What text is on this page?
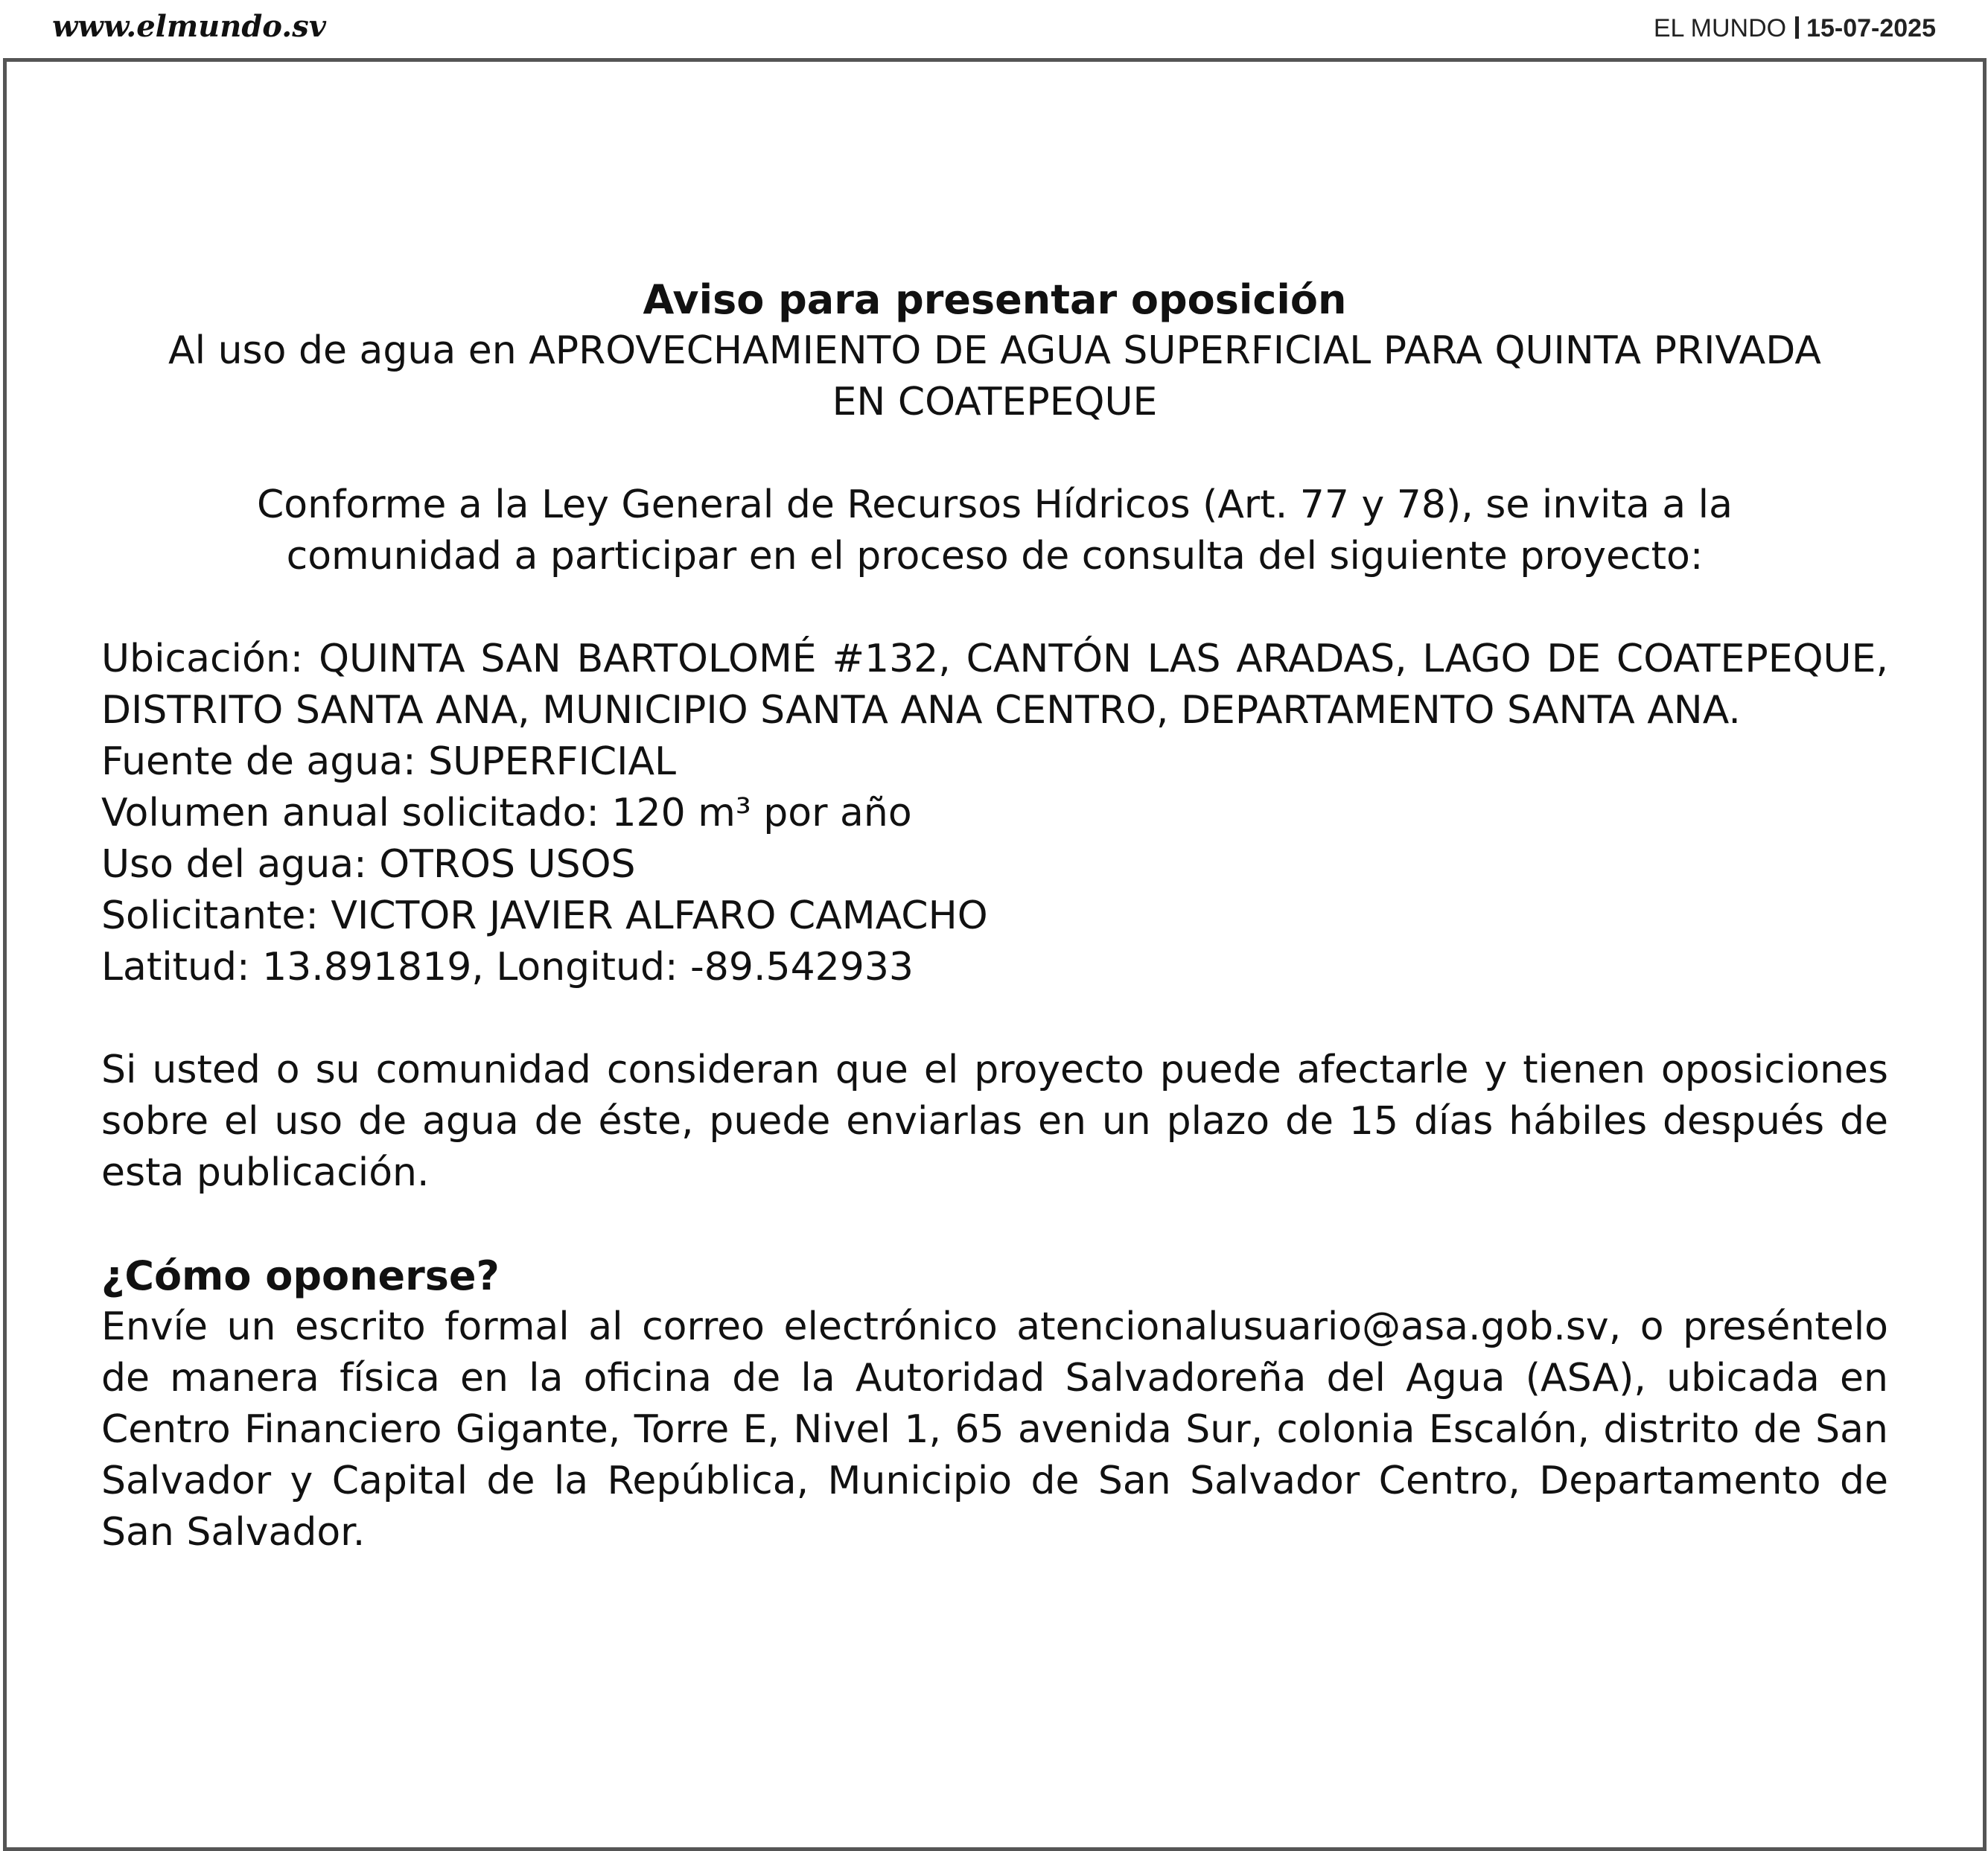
www.elmundo.sv	EL MUNDO 15-07-2025

Aviso para presentar oposición

Al uso de agua en APROVECHAMIENTO DE AGUA SUPERFICIAL PARA QUINTA PRIVADA EN COATEPEQUE

Conforme a la Ley General de Recursos Hídricos (Art. 77 y 78), se invita a la comunidad a participar en el proceso de consulta del siguiente proyecto:

Ubicación: QUINTA SAN BARTOLOMÉ #132, CANTÓN LAS ARADAS, LAGO DE COATEPEQUE, DISTRITO SANTA ANA, MUNICIPIO SANTA ANA CENTRO, DEPARTAMENTO SANTA ANA.

Fuente de agua: SUPERFICIAL

Volumen anual solicitado: 120 m³ por año

Uso del agua: OTROS USOS

Solicitante: VICTOR JAVIER ALFARO CAMACHO

Latitud: 13.891819, Longitud: -89.542933

Si usted o su comunidad consideran que el proyecto puede afectarle y tienen oposiciones sobre el uso de agua de éste, puede enviarlas en un plazo de 15 días hábiles después de esta publicación.

¿Cómo oponerse?

Envíe un escrito formal al correo electrónico atencionalusuario@asa.gob.sv, o preséntelo de manera física en la oficina de la Autoridad Salvadoreña del Agua (ASA), ubicada en Centro Financiero Gigante, Torre E, Nivel 1, 65 avenida Sur, colonia Escalón, distrito de San Salvador y Capital de la República, Municipio de San Salvador Centro, Departamento de San Salvador.
